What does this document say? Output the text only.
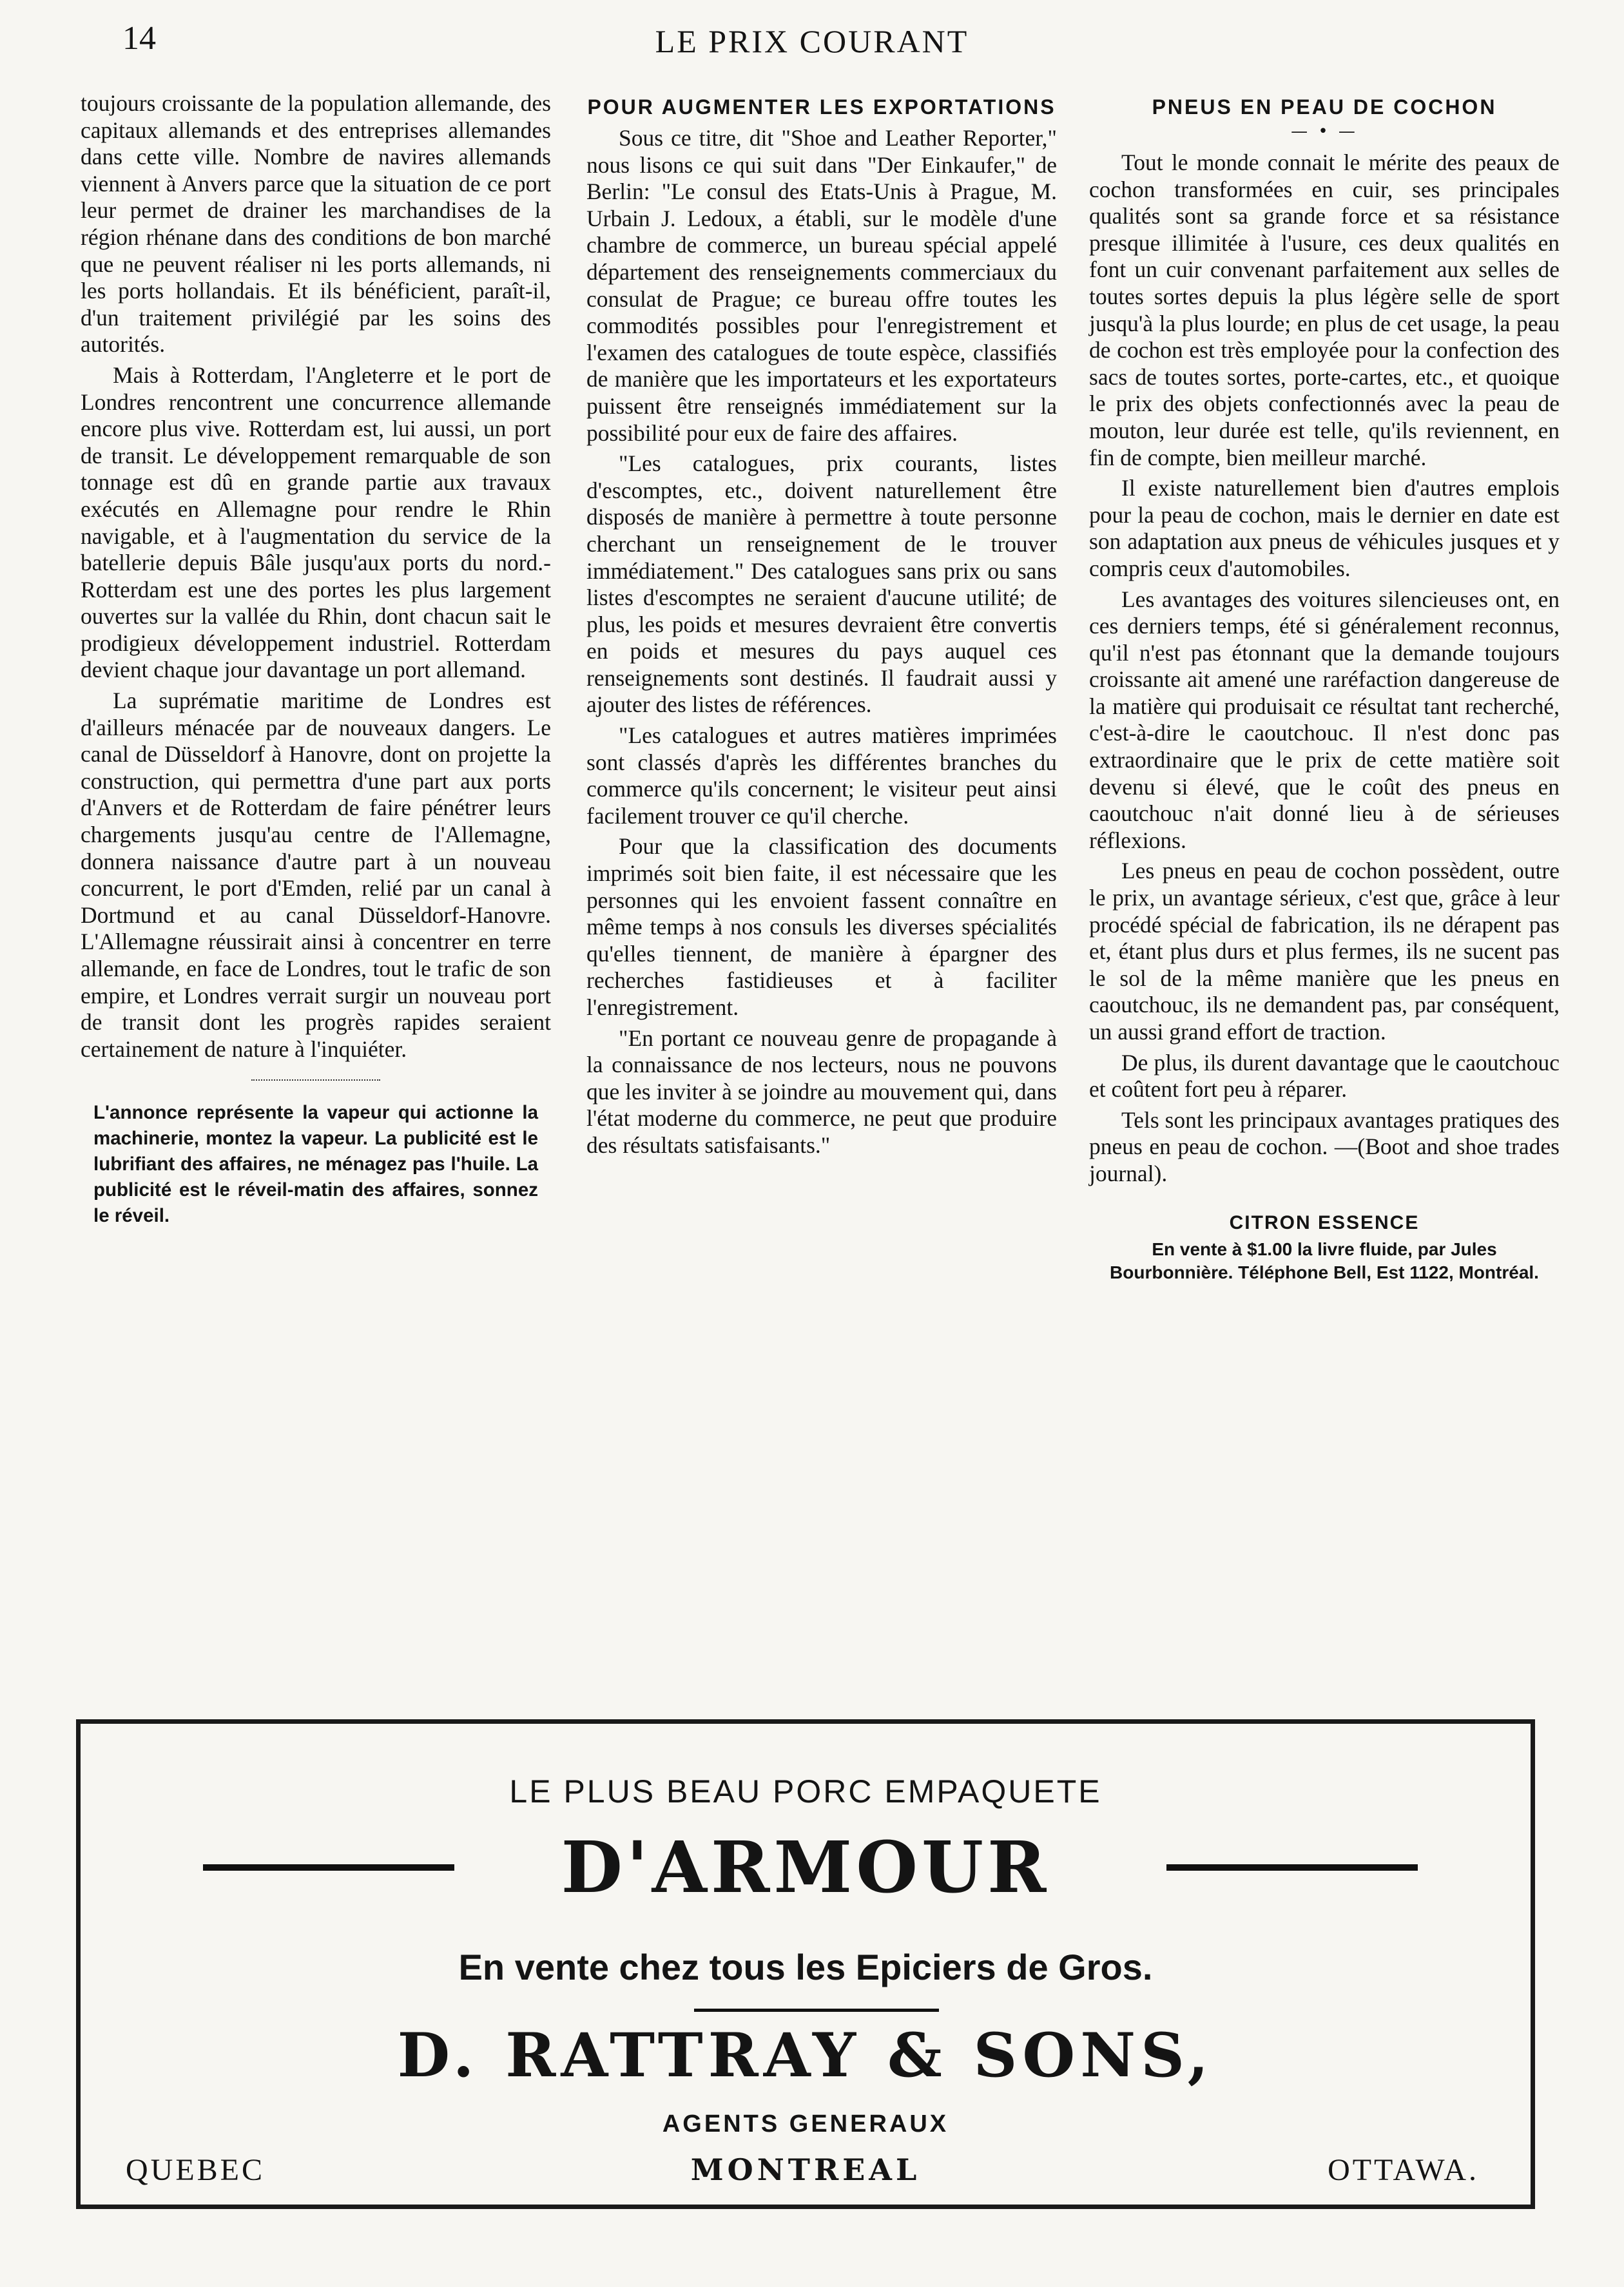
14	LE PRIX COURANT

toujours croissante de la population allemande, des capitaux allemands et des entreprises allemandes dans cette ville. Nombre de navires allemands viennent à Anvers parce que la situation de ce port leur permet de drainer les marchandises de la région rhénane dans des conditions de bon marché que ne peuvent réaliser ni les ports allemands, ni les ports hollandais. Et ils bénéficient, paraît-il, d'un traitement privilégié par les soins des autorités.

Mais à Rotterdam, l'Angleterre et le port de Londres rencontrent une concurrence allemande encore plus vive. Rotterdam est, lui aussi, un port de transit. Le développement remarquable de son tonnage est dû en grande partie aux travaux exécutés en Allemagne pour rendre le Rhin navigable, et à l'augmentation du service de la batellerie depuis Bâle jusqu'aux ports du nord.- Rotterdam est une des portes les plus largement ouvertes sur la vallée du Rhin, dont chacun sait le prodigieux développement industriel. Rotterdam devient chaque jour davantage un port allemand.

La suprématie maritime de Londres est d'ailleurs ménacée par de nouveaux dangers. Le canal de Düsseldorf à Hanovre, dont on projette la construction, qui permettra d'une part aux ports d'Anvers et de Rotterdam de faire pénétrer leurs chargements jusqu'au centre de l'Allemagne, donnera naissance d'autre part à un nouveau concurrent, le port d'Emden, relié par un canal à Dortmund et au canal Düsseldorf-Hanovre. L'Allemagne réussirait ainsi à concentrer en terre allemande, en face de Londres, tout le trafic de son empire, et Londres verrait surgir un nouveau port de transit dont les progrès rapides seraient certainement de nature à l'inquiéter.

L'annonce représente la vapeur qui actionne la machinerie, montez la vapeur. La publicité est le lubrifiant des affaires, ne ménagez pas l'huile. La publicité est le réveil-matin des affaires, sonnez le réveil.
POUR AUGMENTER LES EXPORTATIONS

Sous ce titre, dit "Shoe and Leather Reporter," nous lisons ce qui suit dans "Der Einkaufer," de Berlin: "Le consul des Etats-Unis à Prague, M. Urbain J. Ledoux, a établi, sur le modèle d'une chambre de commerce, un bureau spécial appelé département des renseignements commerciaux du consulat de Prague; ce bureau offre toutes les commodités possibles pour l'enregistrement et l'examen des catalogues de toute espèce, classifiés de manière que les importateurs et les exportateurs puissent être renseignés immédiatement sur la possibilité pour eux de faire des affaires.

"Les catalogues, prix courants, listes d'escomptes, etc., doivent naturellement être disposés de manière à permettre à toute personne cherchant un renseignement de le trouver immédiatement." Des catalogues sans prix ou sans listes d'escomptes ne seraient d'aucune utilité; de plus, les poids et mesures devraient être convertis en poids et mesures du pays auquel ces renseignements sont destinés. Il faudrait aussi y ajouter des listes de références.

"Les catalogues et autres matières imprimées sont classés d'après les différentes branches du commerce qu'ils concernent; le visiteur peut ainsi facilement trouver ce qu'il cherche.

Pour que la classification des documents imprimés soit bien faite, il est nécessaire que les personnes qui les envoient fassent connaître en même temps à nos consuls les diverses spécialités qu'elles tiennent, de manière à épargner des recherches fastidieuses et à faciliter l'enregistrement.

"En portant ce nouveau genre de propagande à la connaissance de nos lecteurs, nous ne pouvons que les inviter à se joindre au mouvement qui, dans l'état moderne du commerce, ne peut que produire des résultats satisfaisants."

PNEUS EN PEAU DE COCHON
— • —

Tout le monde connait le mérite des peaux de cochon transformées en cuir, ses principales qualités sont sa grande force et sa résistance presque illimitée à l'usure, ces deux qualités en font un cuir convenant parfaitement aux selles de toutes sortes depuis la plus légère selle de sport jusqu'à la plus lourde; en plus de cet usage, la peau de cochon est très employée pour la confection des sacs de toutes sortes, porte-cartes, etc., et quoique le prix des objets confectionnés avec la peau de mouton, leur durée est telle, qu'ils reviennent, en fin de compte, bien meilleur marché.

Il existe naturellement bien d'autres emplois pour la peau de cochon, mais le dernier en date est son adaptation aux pneus de véhicules jusques et y compris ceux d'automobiles.

Les avantages des voitures silencieuses ont, en ces derniers temps, été si généralement reconnus, qu'il n'est pas étonnant que la demande toujours croissante ait amené une raréfaction dangereuse de la matière qui produisait ce résultat tant recherché, c'est-à-dire le caoutchouc. Il n'est donc pas extraordinaire que le prix de cette matière soit devenu si élevé, que le coût des pneus en caoutchouc n'ait donné lieu à de sérieuses réflexions.

Les pneus en peau de cochon possèdent, outre le prix, un avantage sérieux, c'est que, grâce à leur procédé spécial de fabrication, ils ne dérapent pas et, étant plus durs et plus fermes, ils ne sucent pas le sol de la même manière que les pneus en caoutchouc, ils ne demandent pas, par conséquent, un aussi grand effort de traction.

De plus, ils durent davantage que le caoutchouc et coûtent fort peu à réparer.

Tels sont les principaux avantages pratiques des pneus en peau de cochon. —(Boot and shoe trades journal).

CITRON ESSENCE
En vente à $1.00 la livre fluide, par Jules Bourbonnière. Téléphone Bell, Est 1122, Montréal.
LE PLUS BEAU PORC EMPAQUETE
D'ARMOUR
En vente chez tous les Epiciers de Gros.
D. RATTRAY & SONS,
AGENTS GENERAUX
QUEBEC	MONTREAL	OTTAWA.
